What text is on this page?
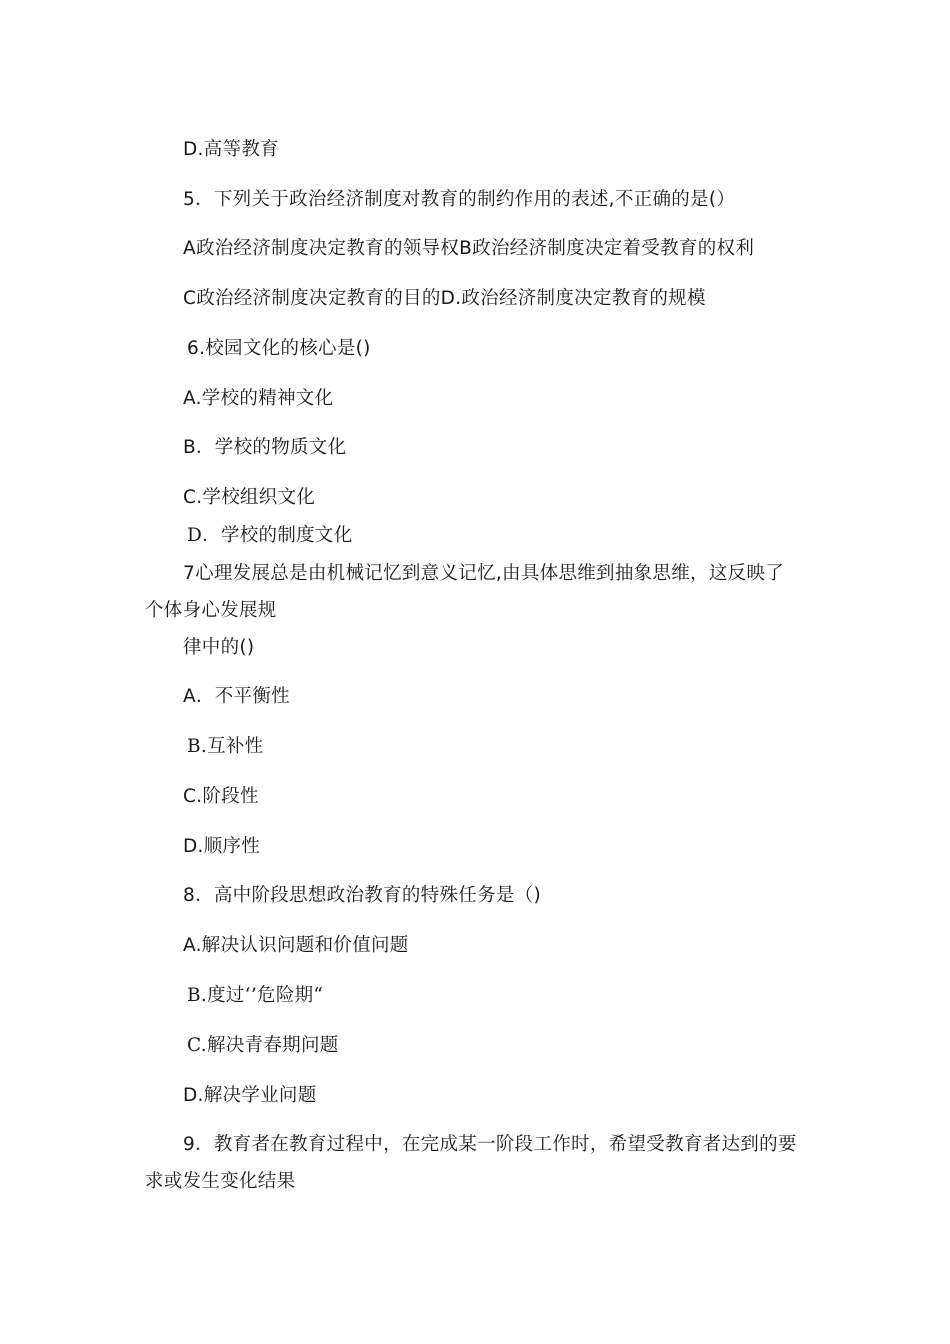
D.高等教育
5．下列关于政治经济制度对教育的制约作用的表述,不正确的是(）
A政治经济制度决定教育的领导权B政治经济制度决定着受教育的权利
C政治经济制度决定教育的目的D.政治经济制度决定教育的规模
6.校园文化的核心是()
A.学校的精神文化
B．学校的物质文化
C.学校组织文化
D．学校的制度文化
7心理发展总是由机械记忆到意义记忆,由具体思维到抽象思维，这反映了
个体身心发展规
律中的()
A．不平衡性
B.互补性
C.阶段性
D.顺序性
8．高中阶段思想政治教育的特殊任务是（)
A.解决认识问题和价值问题
B.度过‘’危险期“
C.解决青春期问题
D.解决学业问题
9．教育者在教育过程中，在完成某一阶段工作时，希望受教育者达到的要
求或发生变化结果
